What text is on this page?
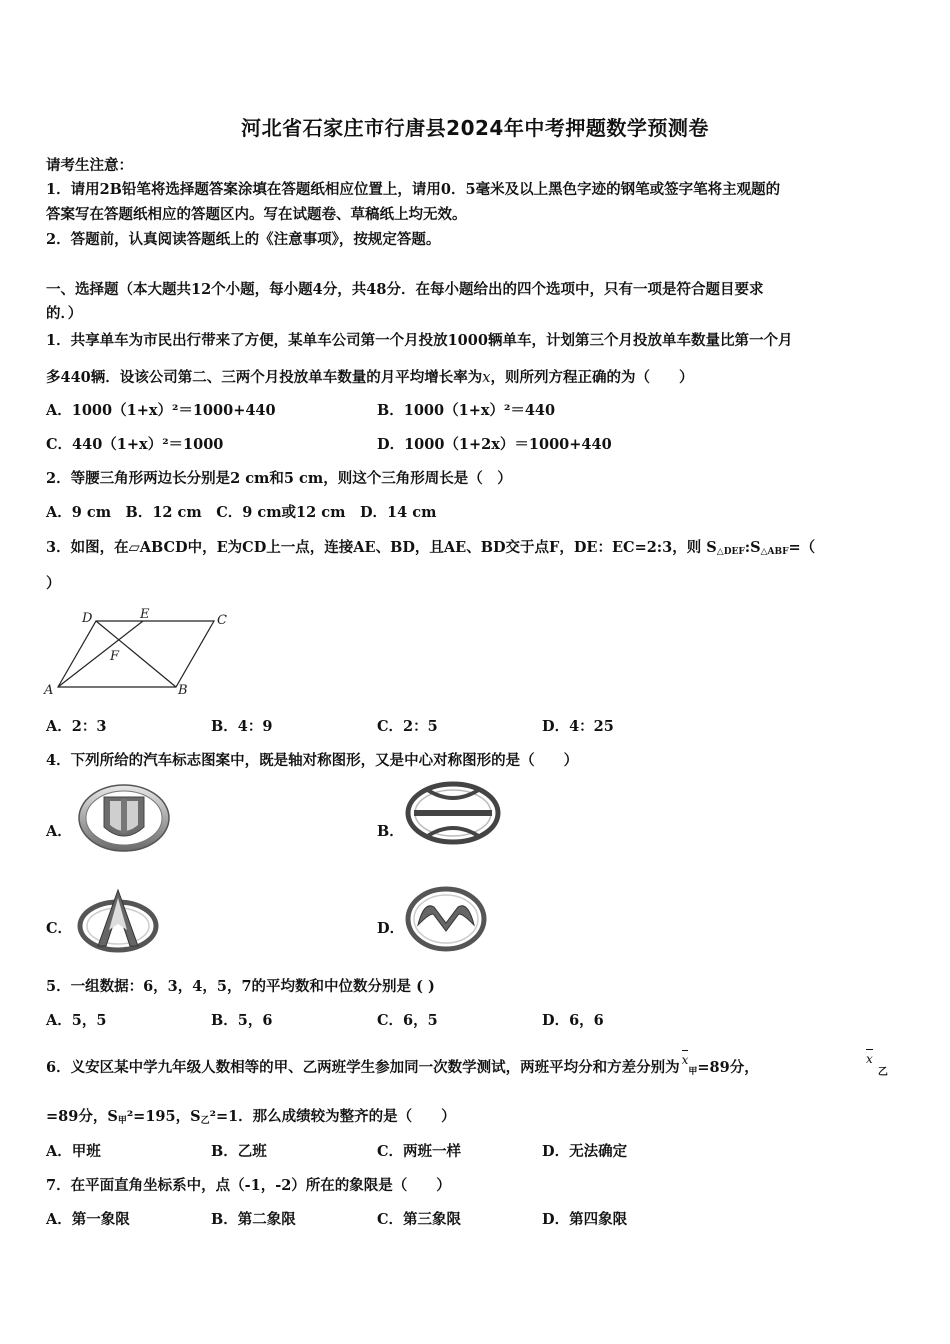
河北省石家庄市行唐县2024年中考押题数学预测卷
请考生注意：
1．请用2B铅笔将选择题答案涂填在答题纸相应位置上，请用0．5毫米及以上黑色字迹的钢笔或签字笔将主观题的
答案写在答题纸相应的答题区内。写在试题卷、草稿纸上均无效。
2．答题前，认真阅读答题纸上的《注意事项》，按规定答题。
一、选择题（本大题共12个小题，每小题4分，共48分．在每小题给出的四个选项中，只有一项是符合题目要求
的．）
1．共享单车为市民出行带来了方便，某单车公司第一个月投放1000辆单车，计划第三个月投放单车数量比第一个月
多440辆．设该公司第二、三两个月投放单车数量的月平均增长率为x，则所列方程正确的为（　　）
A．1000（1+x）²＝1000+440	B．1000（1+x）²＝440
C．440（1+x）²＝1000	D．1000（1+2x）＝1000+440
2．等腰三角形两边长分别是2 cm和5 cm，则这个三角形周长是（　）
A．9 cm　B．12 cm　C．9 cm或12 cm　D．14 cm
3．如图，在▱ABCD中，E为CD上一点，连接AE、BD，且AE、BD交于点F，DE：EC=2:3，则 $S_{\triangle DEF}:S_{\triangle ABF}=$（
）
D	E	C
F
A	B
A．2：3	B．4：9	C．2：5	D．4：25
4．下列所给的汽车标志图案中，既是轴对称图形，又是中心对称图形的是（　　）
A．	B．
C．	D．
5．一组数据：6，3，4，5，7的平均数和中位数分别是 ( )
A．5，5	B．5，6	C．6，5	D．6，6
6．义安区某中学九年级人数相等的甲、乙两班学生参加同一次数学测试，两班平均分和方差分别为 $x_甲=89$分，	x $_乙$
=89分，$S_甲^2=195$，$S_乙^2=1$．那么成绩较为整齐的是（　　）
A．甲班	B．乙班	C．两班一样	D．无法确定
7．在平面直角坐标系中，点（-1，-2）所在的象限是（　　）
A．第一象限	B．第二象限	C．第三象限	D．第四象限
